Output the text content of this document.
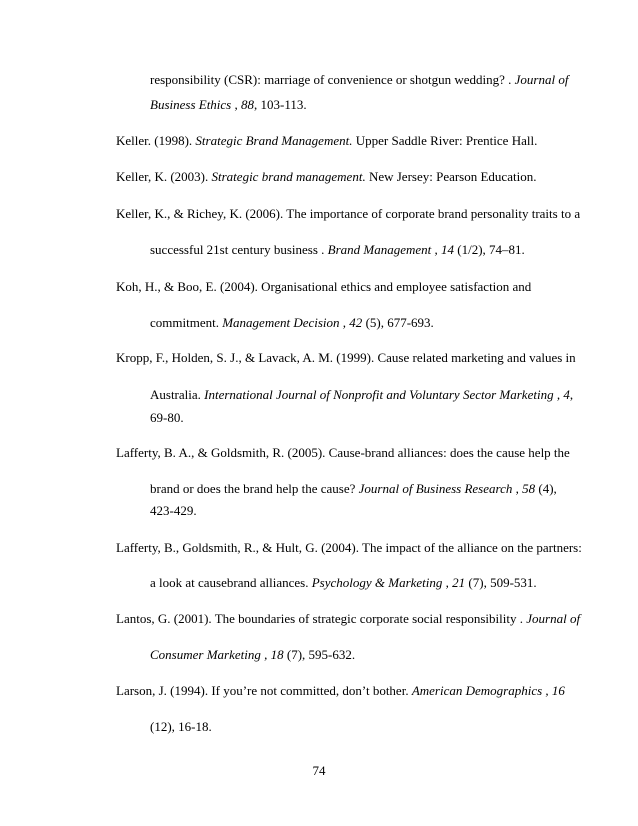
responsibility (CSR): marriage of convenience or shotgun wedding? . Journal of
Business Ethics , 88, 103-113.
Keller. (1998). Strategic Brand Management. Upper Saddle River: Prentice Hall.
Keller, K. (2003). Strategic brand management. New Jersey: Pearson Education.
Keller, K., & Richey, K. (2006). The importance of corporate brand personality traits to a
successful 21st century business . Brand Management , 14 (1/2), 74–81.
Koh, H., & Boo, E. (2004). Organisational ethics and employee satisfaction and
commitment. Management Decision , 42 (5), 677-693.
Kropp, F., Holden, S. J., & Lavack, A. M. (1999). Cause related marketing and values in
Australia. International Journal of Nonprofit and Voluntary Sector Marketing , 4,
69-80.
Lafferty, B. A., & Goldsmith, R. (2005). Cause-brand alliances: does the cause help the
brand or does the brand help the cause? Journal of Business Research , 58 (4),
423-429.
Lafferty, B., Goldsmith, R., & Hult, G. (2004). The impact of the alliance on the partners:
a look at causebrand alliances. Psychology & Marketing , 21 (7), 509-531.
Lantos, G. (2001). The boundaries of strategic corporate social responsibility . Journal of
Consumer Marketing , 18 (7), 595-632.
Larson, J. (1994). If you’re not committed, don’t bother. American Demographics , 16
(12), 16-18.
74
